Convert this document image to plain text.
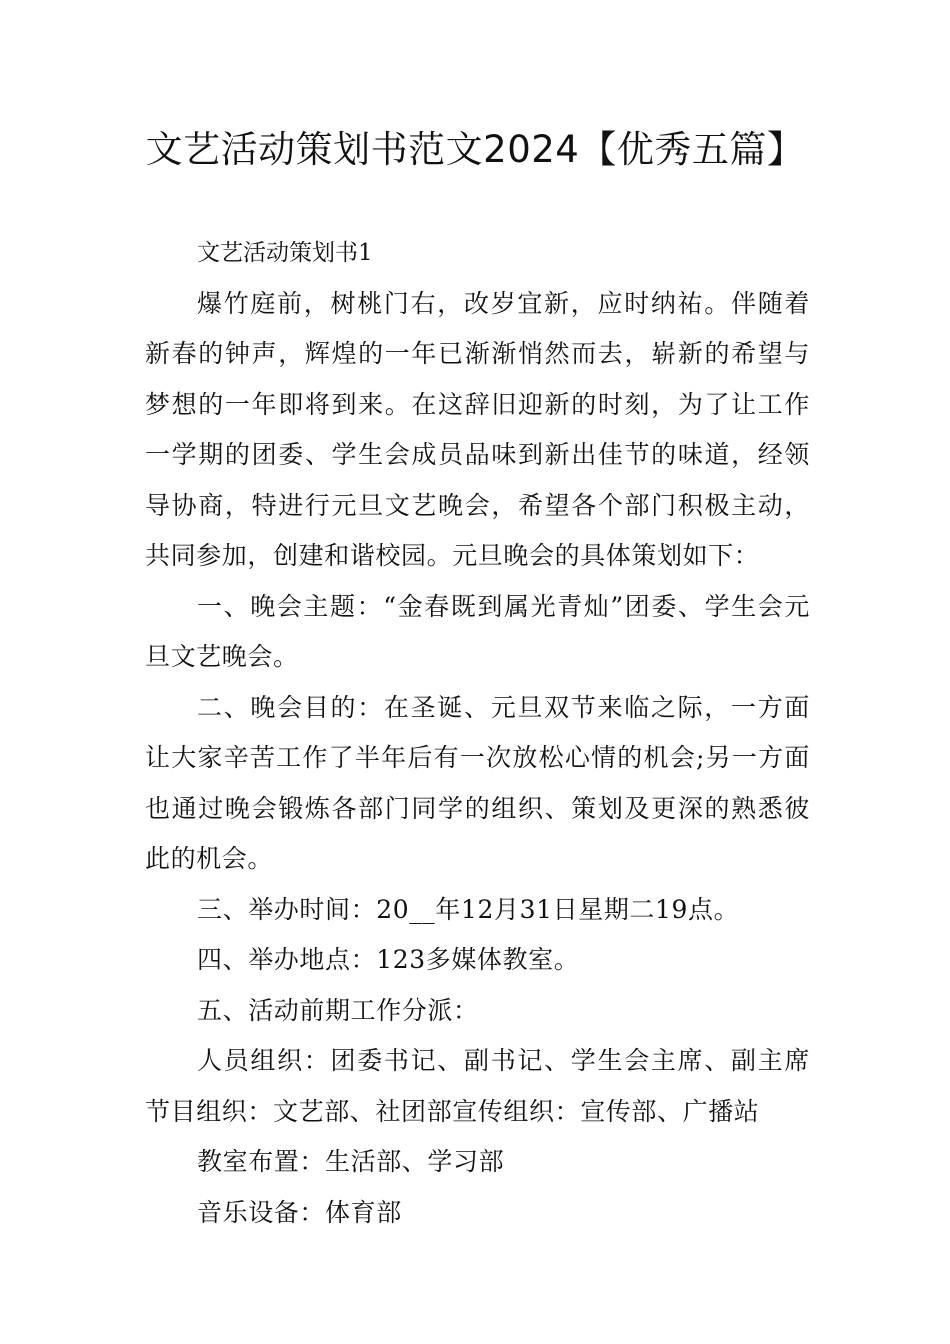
文艺活动策划书范文2024【优秀五篇】

文艺活动策划书1

爆竹庭前，树桃门右，改岁宜新，应时纳祐。伴随着新春的钟声，辉煌的一年已渐渐悄然而去，崭新的希望与梦想的一年即将到来。在这辞旧迎新的时刻，为了让工作一学期的团委、学生会成员品味到新出佳节的味道，经领导协商，特进行元旦文艺晚会，希望各个部门积极主动，共同参加，创建和谐校园。元旦晚会的具体策划如下：

一、晚会主题：“金春既到属光青灿”团委、学生会元旦文艺晚会。

二、晚会目的：在圣诞、元旦双节来临之际，一方面让大家辛苦工作了半年后有一次放松心情的机会;另一方面也通过晚会锻炼各部门同学的组织、策划及更深的熟悉彼此的机会。

三、举办时间：20__年12月31日星期二19点。

四、举办地点：123多媒体教室。

五、活动前期工作分派：

人员组织：团委书记、副书记、学生会主席、副主席节目组织：文艺部、社团部宣传组织：宣传部、广播站

教室布置：生活部、学习部

音乐设备：体育部
